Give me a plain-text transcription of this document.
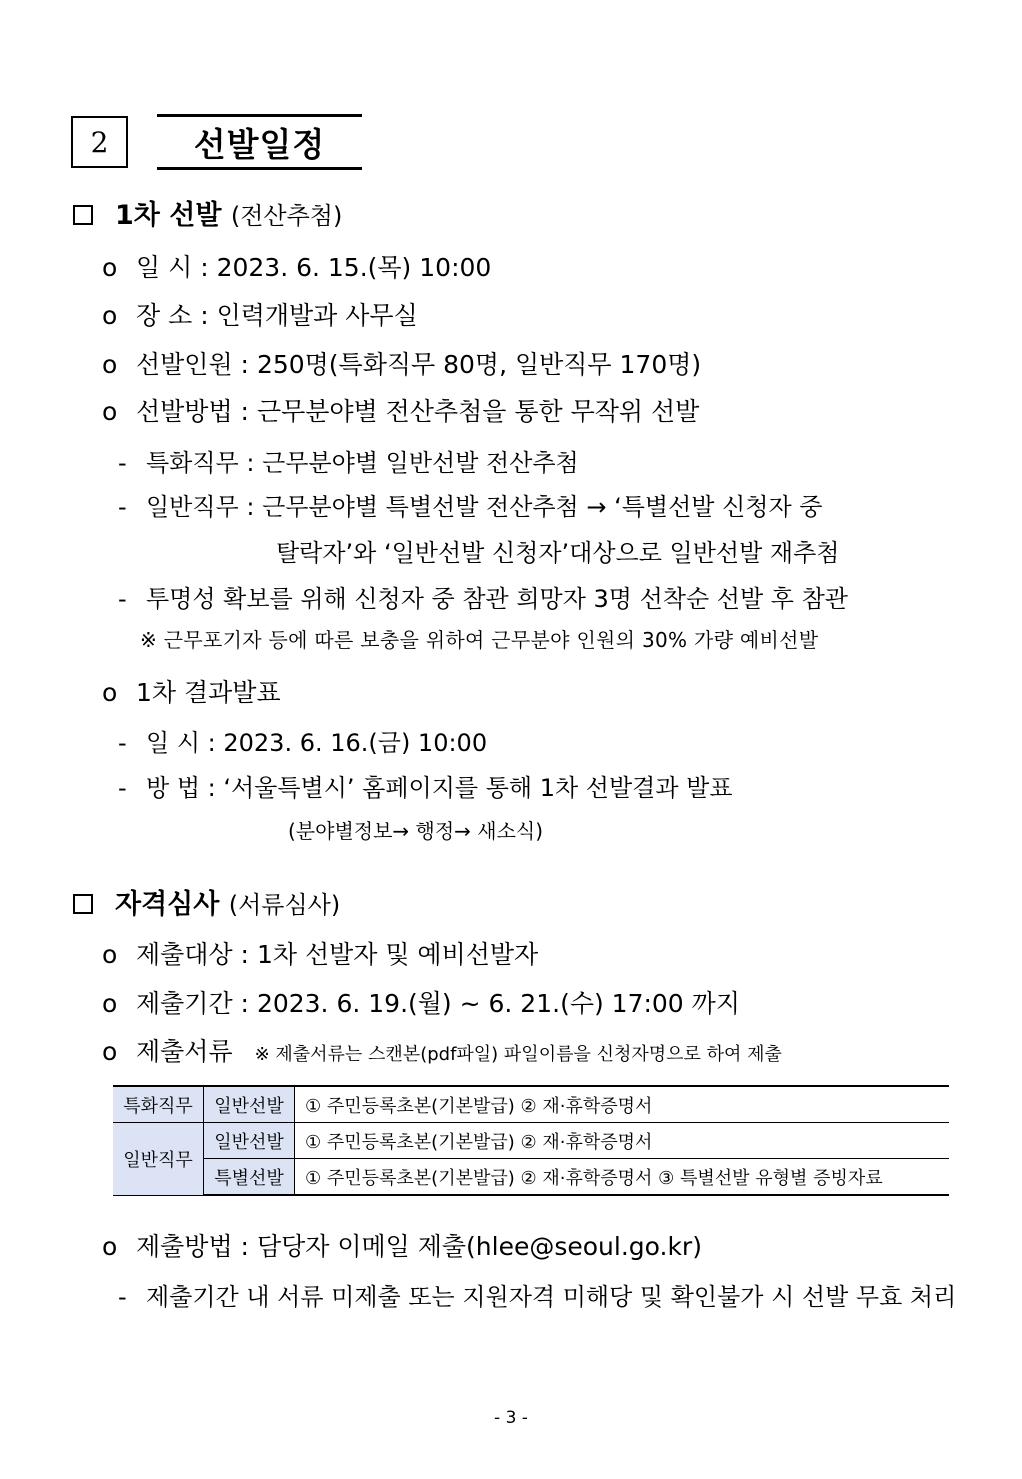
2	선발일정
1차 선발 (전산추첨)
o 일 시 : 2023. 6. 15.(목) 10:00
o 장 소 : 인력개발과 사무실
o 선발인원 : 250명(특화직무 80명, 일반직무 170명)
o 선발방법 : 근무분야별 전산추첨을 통한 무작위 선발
- 특화직무 : 근무분야별 일반선발 전산추첨
- 일반직무 : 근무분야별 특별선발 전산추첨 → ‘특별선발 신청자 중
탈락자’와 ‘일반선발 신청자’대상으로 일반선발 재추첨
- 투명성 확보를 위해 신청자 중 참관 희망자 3명 선착순 선발 후 참관
※ 근무포기자 등에 따른 보충을 위하여 근무분야 인원의 30% 가량 예비선발
o 1차 결과발표
- 일 시 : 2023. 6. 16.(금) 10:00
- 방 법 : ‘서울특별시’ 홈페이지를 통해 1차 선발결과 발표
(분야별정보→ 행정→ 새소식)
자격심사 (서류심사)
o 제출대상 : 1차 선발자 및 예비선발자
o 제출기간 : 2023. 6. 19.(월) ~ 6. 21.(수) 17:00 까지
o 제출서류 ※ 제출서류는 스캔본(pdf파일) 파일이름을 신청자명으로 하여 제출
특화직무	일반선발	① 주민등록초본(기본발급) ② 재·휴학증명서
일반직무	일반선발	① 주민등록초본(기본발급) ② 재·휴학증명서
	특별선발	① 주민등록초본(기본발급) ② 재·휴학증명서 ③ 특별선발 유형별 증빙자료
o 제출방법 : 담당자 이메일 제출(hlee@seoul.go.kr)
- 제출기간 내 서류 미제출 또는 지원자격 미해당 및 확인불가 시 선발 무효 처리
- 3 -
